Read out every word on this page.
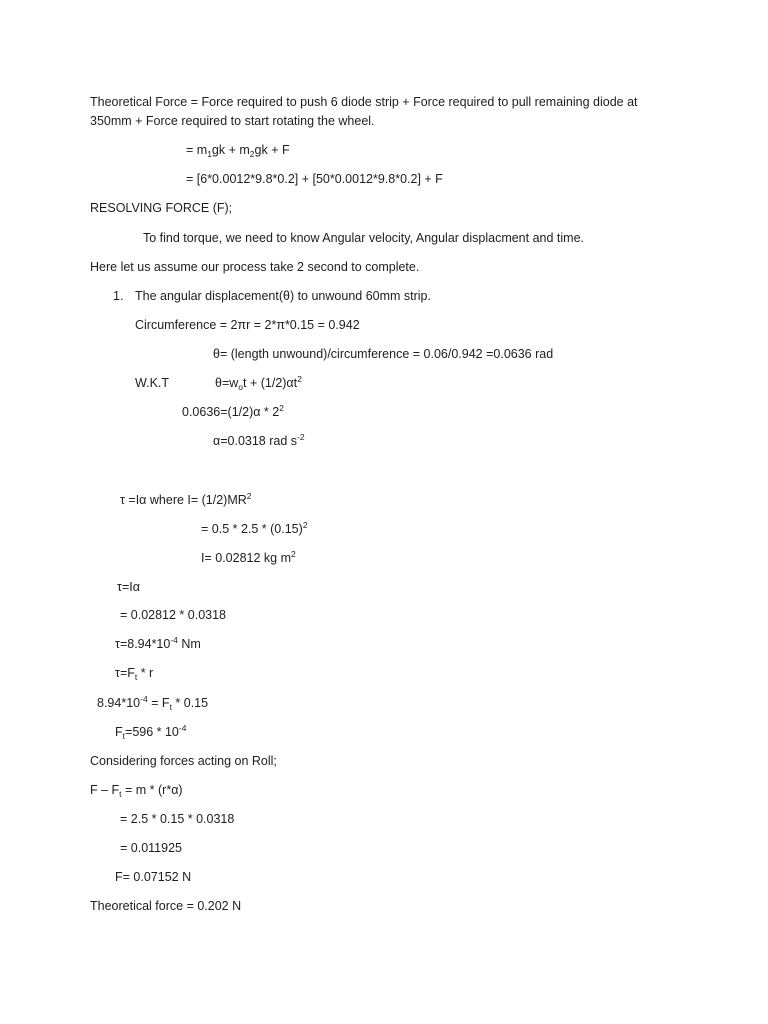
Theoretical Force = Force required to push 6 diode strip + Force required to pull remaining diode at
350mm + Force required to start rotating the wheel.
= $m_1gk + m_2gk + F$
= [6*0.0012*9.8*0.2] + [50*0.0012*9.8*0.2] + F
RESOLVING FORCE (F);
To find torque, we need to know Angular velocity, Angular displacment and time.
Here let us assume our process take 2 second to complete.
1. The angular displacement(θ) to unwound 60mm strip.
Circumference = 2πr = 2*π*0.15 = 0.942
θ= (length unwound)/circumference = 0.06/0.942 =0.0636 rad
W.K.T	$\theta=w_ot + (1/2)\alpha t^2$
$0.0636=(1/2)\alpha * 2^2$
α=0.0318 rad $s^{-2}$
τ =Iα where $I= (1/2)MR^2$
= $0.5 * 2.5 * (0.15)^2$
I= 0.02812 kg $m^2$
τ=Iα
= 0.02812 * 0.0318
$\tau=8.94*10^{-4}$ Nm
$\tau=F_t * r$
$8.94*10^{-4} = F_t * 0.15$
$F_t=596 * 10^{-4}$
Considering forces acting on Roll;
$F - F_t = m * (r*\alpha)$
= 2.5 * 0.15 * 0.0318
= 0.011925
F= 0.07152 N
Theoretical force = 0.202 N
